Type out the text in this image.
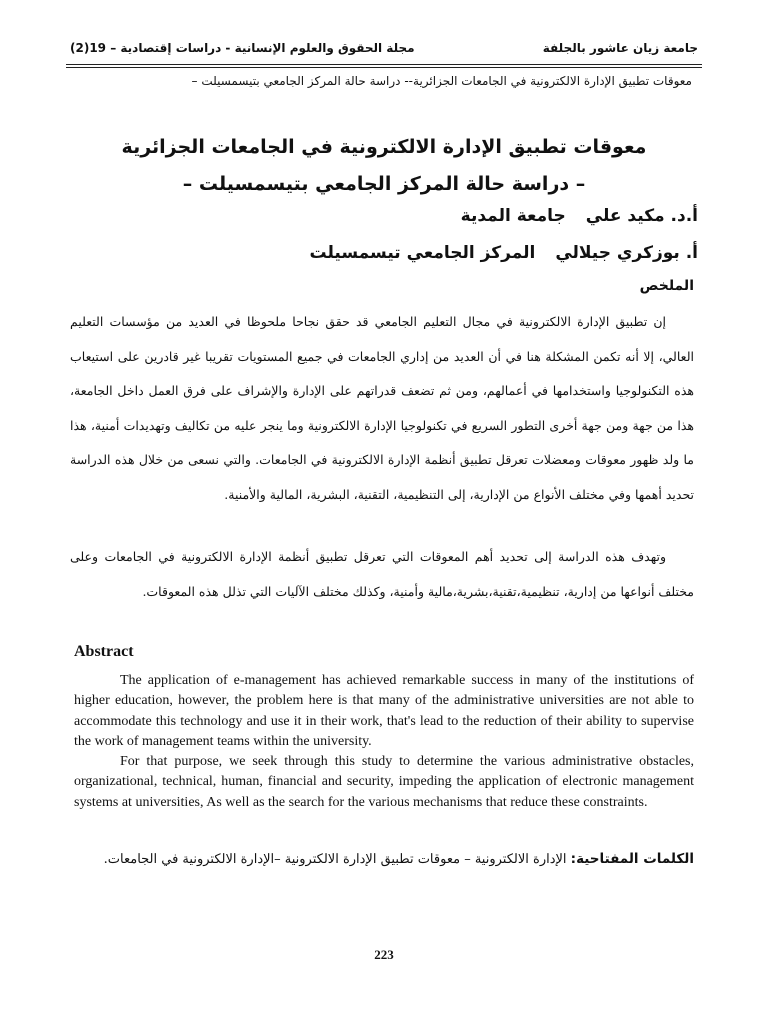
جامعة زيان عاشور بالجلفة
مجلة الحقوق والعلوم الإنسانية - دراسات إقتصادية – 19(2)
معوقات تطبيق الإدارة الالكترونية في الجامعات الجزائرية-- دراسة حالة المركز الجامعي بتيسمسيلت –
معوقات تطبيق الإدارة الالكترونية في الجامعات الجزائرية
– دراسة حالة المركز الجامعي بتيسمسيلت –
أ.د. مكيد عليجامعة المدية
أ. بوزكري جيلاليالمركز الجامعي تيسمسيلت
الملخص

إن تطبيق الإدارة الالكترونية في مجال التعليم الجامعي قد حقق نجاحا ملحوظا في العديد من مؤسسات التعليم العالي، إلا أنه تكمن المشكلة هنا في أن العديد من إداري الجامعات في جميع المستويات تقريبا غير قادرين على استيعاب هذه التكنولوجيا واستخدامها في أعمالهم، ومن ثم تضعف قدراتهم على الإدارة والإشراف على فرق العمل داخل الجامعة، هذا من جهة ومن جهة أخرى التطور السريع في تكنولوجيا الإدارة الالكترونية وما ينجر عليه من تكاليف وتهديدات أمنية، هذا ما ولد ظهور معوقات ومعضلات تعرقل تطبيق أنظمة الإدارة الالكترونية في الجامعات. والتي نسعى من خلال هذه الدراسة تحديد أهمها وفي مختلف الأنواع من الإدارية، إلى التنظيمية، التقنية، البشرية، المالية والأمنية.

وتهدف هذه الدراسة إلى تحديد أهم المعوقات التي تعرقل تطبيق أنظمة الإدارة الالكترونية في الجامعات وعلى مختلف أنواعها من إدارية، تنظيمية،تقنية،بشرية،مالية وأمنية، وكذلك مختلف الآليات التي تذلل هذه المعوقات.

Abstract

The application of e-management has achieved remarkable success in many of the institutions of higher education, however, the problem here is that many of the administrative universities are not able to accommodate this technology and use it in their work, that's lead to the reduction of their ability to supervise the work of management teams within the university.

For that purpose, we seek through this study to determine the various administrative obstacles, organizational, technical, human, financial and security, impeding the application of electronic management systems at universities, As well as the search for the various mechanisms that reduce these constraints.

الكلمات المفتاحية: الإدارة الالكترونية – معوقات تطبيق الإدارة الالكترونية –الإدارة الالكترونية في الجامعات.
223
